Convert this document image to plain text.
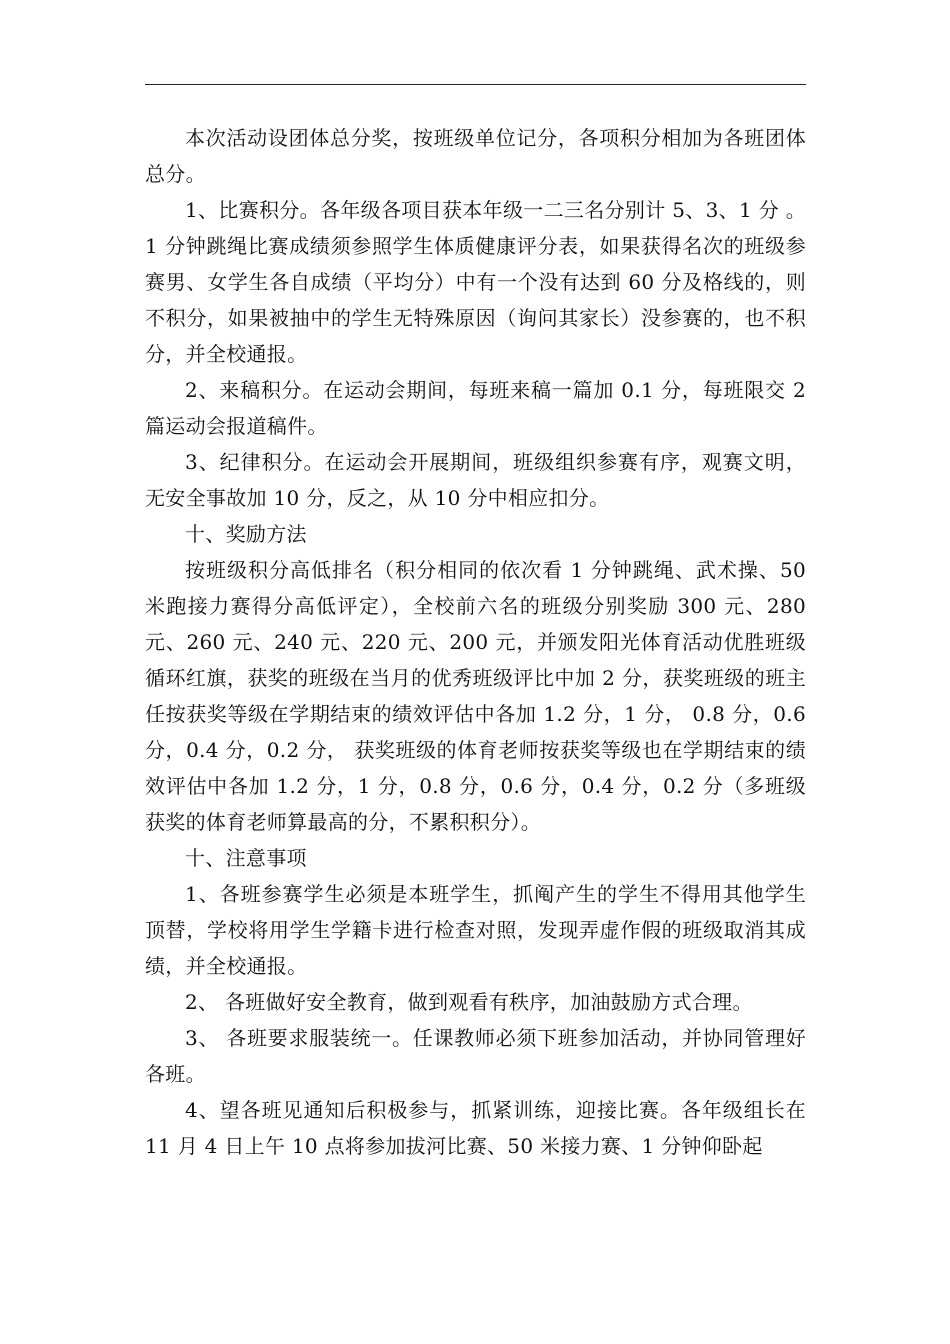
本次活动设团体总分奖，按班级单位记分，各项积分相加为各班团体总分。

1、比赛积分。各年级各项目获本年级一二三名分别计 5、3、1 分 。1 分钟跳绳比赛成绩须参照学生体质健康评分表，如果获得名次的班级参赛男、女学生各自成绩（平均分）中有一个没有达到 60 分及格线的，则不积分，如果被抽中的学生无特殊原因（询问其家长）没参赛的，也不积分，并全校通报。

2、来稿积分。在运动会期间，每班来稿一篇加 0.1 分，每班限交 2 篇运动会报道稿件。

3、纪律积分。在运动会开展期间，班级组织参赛有序，观赛文明，无安全事故加 10 分，反之，从 10 分中相应扣分。

十、奖励方法

按班级积分高低排名（积分相同的依次看 1 分钟跳绳、武术操、50 米跑接力赛得分高低评定），全校前六名的班级分别奖励 300 元、280 元、260 元、240 元、220 元、200 元，并颁发阳光体育活动优胜班级循环红旗，获奖的班级在当月的优秀班级评比中加 2 分，获奖班级的班主任按获奖等级在学期结束的绩效评估中各加 1.2 分，1 分， 0.8 分，0.6 分，0.4 分，0.2 分， 获奖班级的体育老师按获奖等级也在学期结束的绩效评估中各加 1.2 分，1 分，0.8 分，0.6 分，0.4 分，0.2 分（多班级获奖的体育老师算最高的分，不累积积分）。

十、注意事项

1、各班参赛学生必须是本班学生，抓阄产生的学生不得用其他学生顶替，学校将用学生学籍卡进行检查对照，发现弄虚作假的班级取消其成绩，并全校通报。

2、 各班做好安全教育，做到观看有秩序，加油鼓励方式合理。

3、 各班要求服装统一。任课教师必须下班参加活动，并协同管理好各班。

4、望各班见通知后积极参与，抓紧训练，迎接比赛。各年级组长在 11 月 4 日上午 10 点将参加拔河比赛、50 米接力赛、1 分钟仰卧起
